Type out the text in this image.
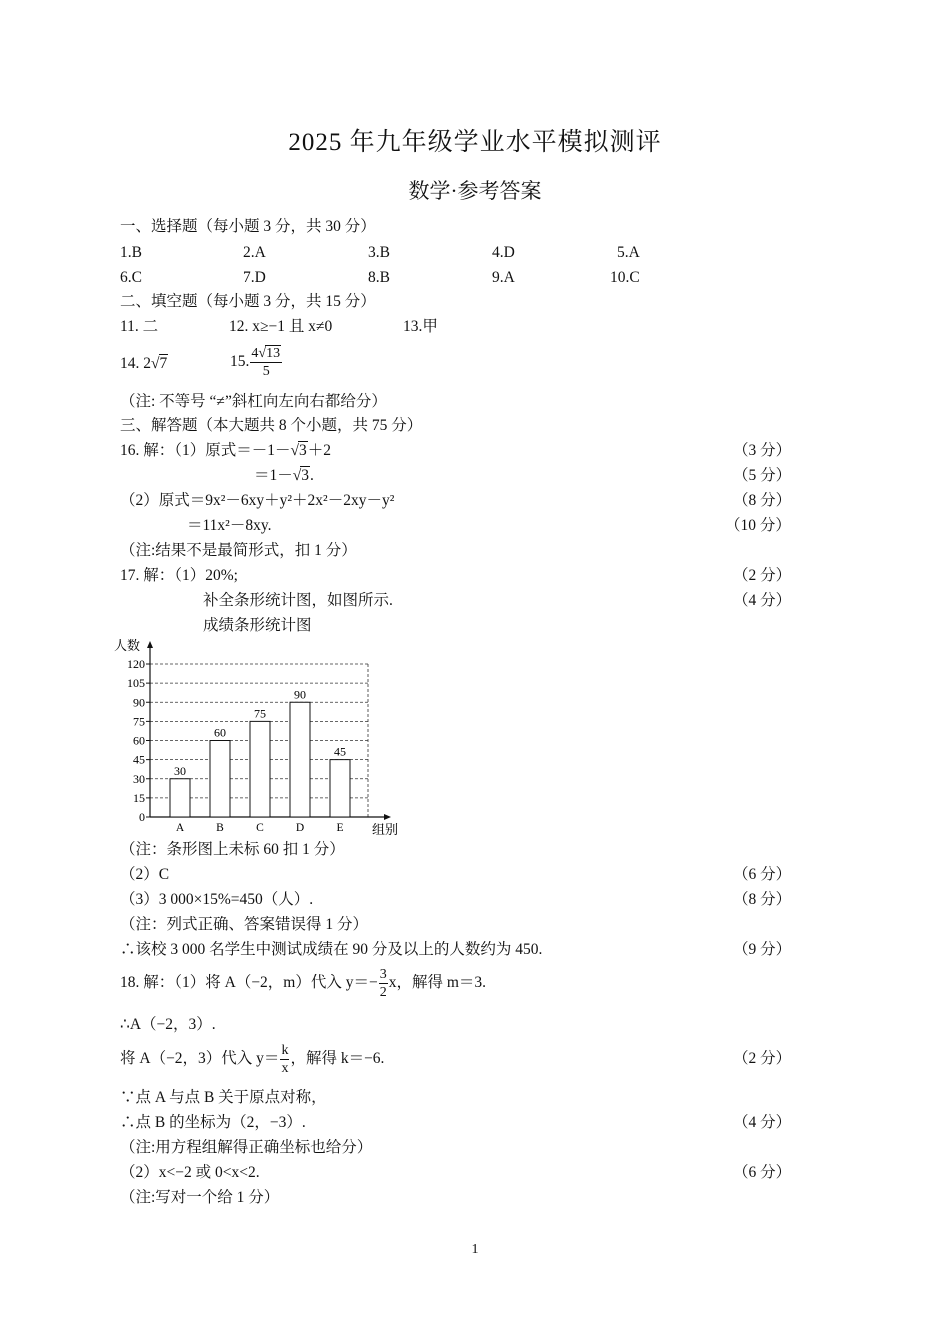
2025 年九年级学业水平模拟测评
数学·参考答案
一、选择题（每小题 3 分，共 30 分）
1.B	2.A	3.B	4.D	5.A
6.C	7.D	8.B	9.A	10.C
二、填空题（每小题 3 分，共 15 分）
11. 二	12. x≥−1 且 x≠0	13.甲
14. 2√7	15. $\frac{4√13}{5}$
（注: 不等号 “≠”斜杠向左向右都给分）
三、解答题（本大题共 8 个小题，共 75 分）
16. 解：（1）原式＝－1－√3＋2	（3 分）
＝1－√3.	（5 分）
（2）原式＝9x²－6xy＋y²＋2x²－2xy－y²	（8 分）
＝11x²－8xy.	（10 分）
（注:结果不是最简形式，扣 1 分）
17. 解：（1）20%;	（2 分）
补全条形统计图，如图所示.	（4 分）
成绩条形统计图
0
15
30
45
60
75
90
105
120
人数
组别
30
A
60
B
75
C
90
D
45
E
（注：条形图上未标 60 扣 1 分）
（2）C	（6 分）
（3）3 000×15%=450（人）.	（8 分）
（注：列式正确、答案错误得 1 分）
∴该校 3 000 名学生中测试成绩在 90 分及以上的人数约为 450.	（9 分）
18. 解：（1）将 A（−2，m）代入 $y=- \frac{3}{2}$ x，解得 m＝3.
∴A（−2，3）.
将 A（−2，3）代入 $y= \frac{k}{x}$ ，解得 k＝−6.	（2 分）
∵点 A 与点 B 关于原点对称，
∴点 B 的坐标为（2，−3）.	（4 分）
（注:用方程组解得正确坐标也给分）
（2）x<−2 或 0<x<2.	（6 分）
（注:写对一个给 1 分）
1
